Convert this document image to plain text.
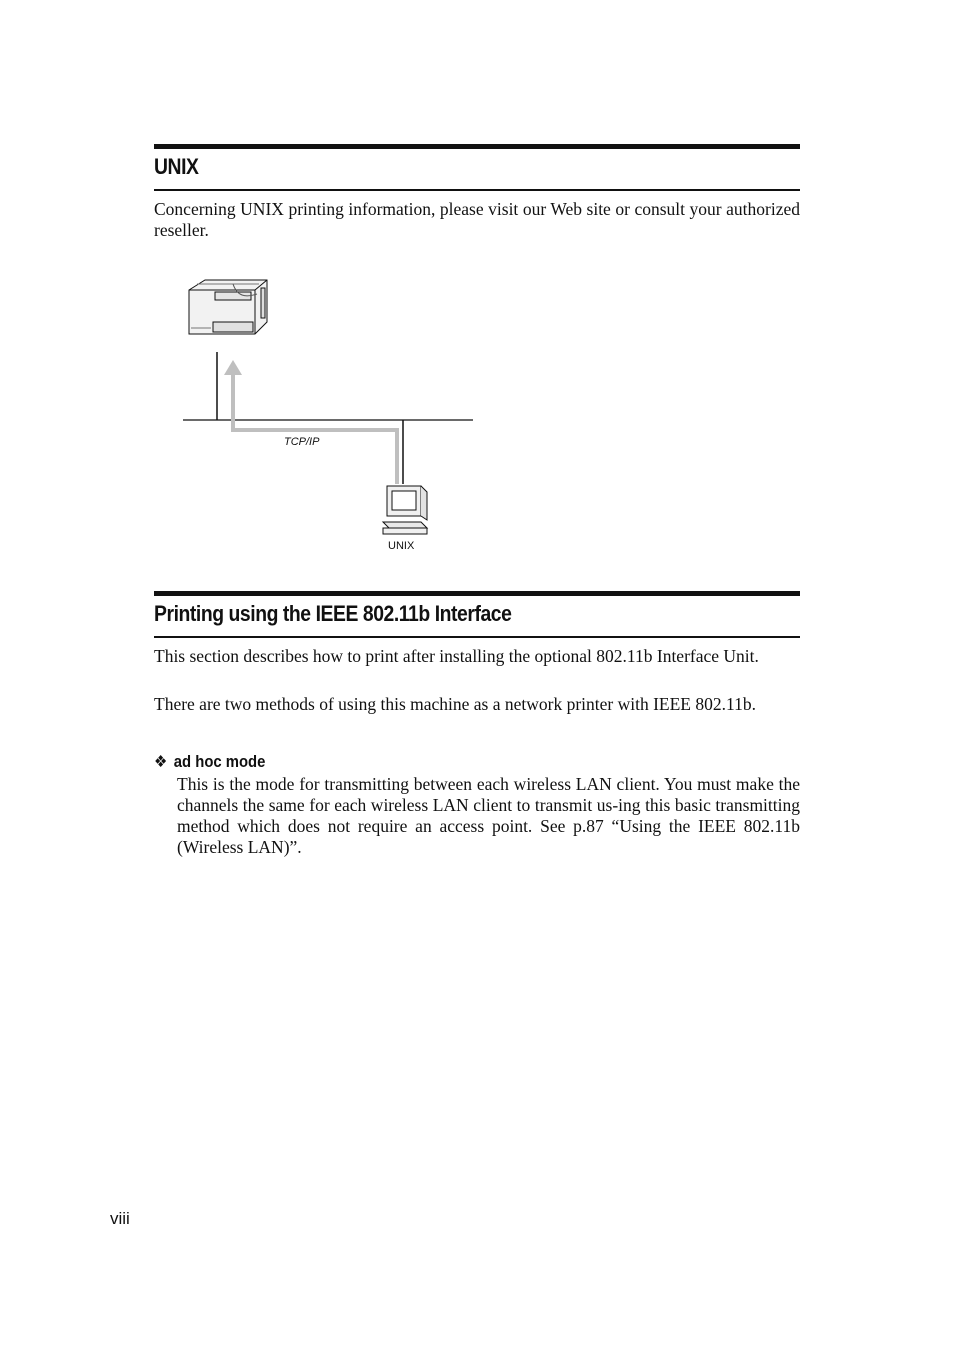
UNIX

Concerning UNIX printing information, please visit our Web site or consult your authorized reseller.

TCP/IP
UNIX
Printing using the IEEE 802.11b Interface

This section describes how to print after installing the optional 802.11b Interface Unit.

There are two methods of using this machine as a network printer with IEEE 802.11b.

❖ ad hoc mode

This is the mode for transmitting between each wireless LAN client. You must make the channels the same for each wireless LAN client to transmit us-ing this basic transmitting method which does not require an access point. See p.87 “Using the IEEE 802.11b (Wireless LAN)”.

viii
